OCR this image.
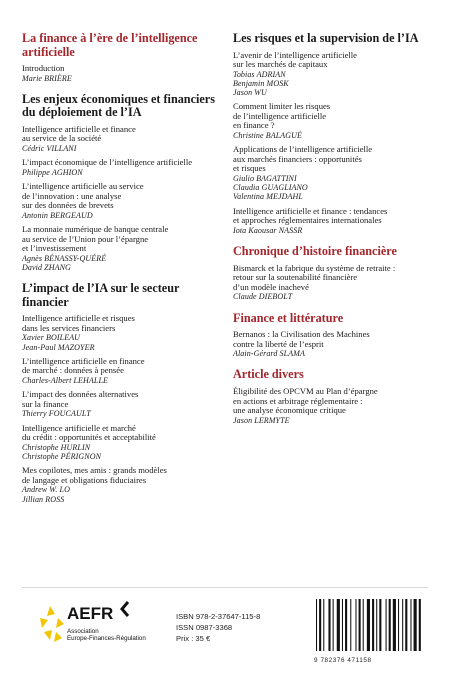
La finance à l’ère de l’intelligence artificielle
Introduction
Marie BRIÈRE
Les enjeux économiques et financiers du déploiement de l’IA
Intelligence artificielle et finance
au service de la société
Cédric VILLANI
L’impact économique de l’intelligence artificielle
Philippe AGHION
L’intelligence artificielle au service
de l’innovation : une analyse
sur des données de brevets
Antonin BERGEAUD
La monnaie numérique de banque centrale
au service de l’Union pour l’épargne
et l’investissement
Agnès BÉNASSY-QUÉRÉ
David ZHANG
L’impact de l’IA sur le secteur financier
Intelligence artificielle et risques
dans les services financiers
Xavier BOILEAU
Jean-Paul MAZOYER
L’intelligence artificielle en finance
de marché : données à pensée
Charles-Albert LEHALLE
L’impact des données alternatives
sur la finance
Thierry FOUCAULT
Intelligence artificielle et marché
du crédit : opportunités et acceptabilité
Christophe HURLIN
Christophe PÉRIGNON
Mes copilotes, mes amis : grands modèles
de langage et obligations fiduciaires
Andrew W. LO
Jillian ROSS
Les risques et la supervision de l’IA
L’avenir de l’intelligence artificielle
sur les marchés de capitaux
Tobias ADRIAN
Benjamin MOSK
Jason WU
Comment limiter les risques
de l’intelligence artificielle
en finance ?
Christine BALAGUÉ
Applications de l’intelligence artificielle
aux marchés financiers : opportunités
et risques
Giulio BAGATTINI
Claudia GUAGLIANO
Valentina MEJDAHL
Intelligence artificielle et finance : tendances
et approches réglementaires internationales
Iota Kaousar NASSR
Chronique d’histoire financière
Bismarck et la fabrique du système de retraite :
retour sur la soutenabilité financière
d’un modèle inachevé
Claude DIEBOLT
Finance et littérature
Bernanos : la Civilisation des Machines
contre la liberté de l’esprit
Alain-Gérard SLAMA
Article divers
Éligibilité des OPCVM au Plan d’épargne
en actions et arbitrage réglementaire :
une analyse économique critique
Jason LERMYTE
AEFR
Association
Europe-Finances-Régulations
ISBN 978-2-37647-115-8
ISSN 0987-3368
Prix : 35 €
9 782376 471158
